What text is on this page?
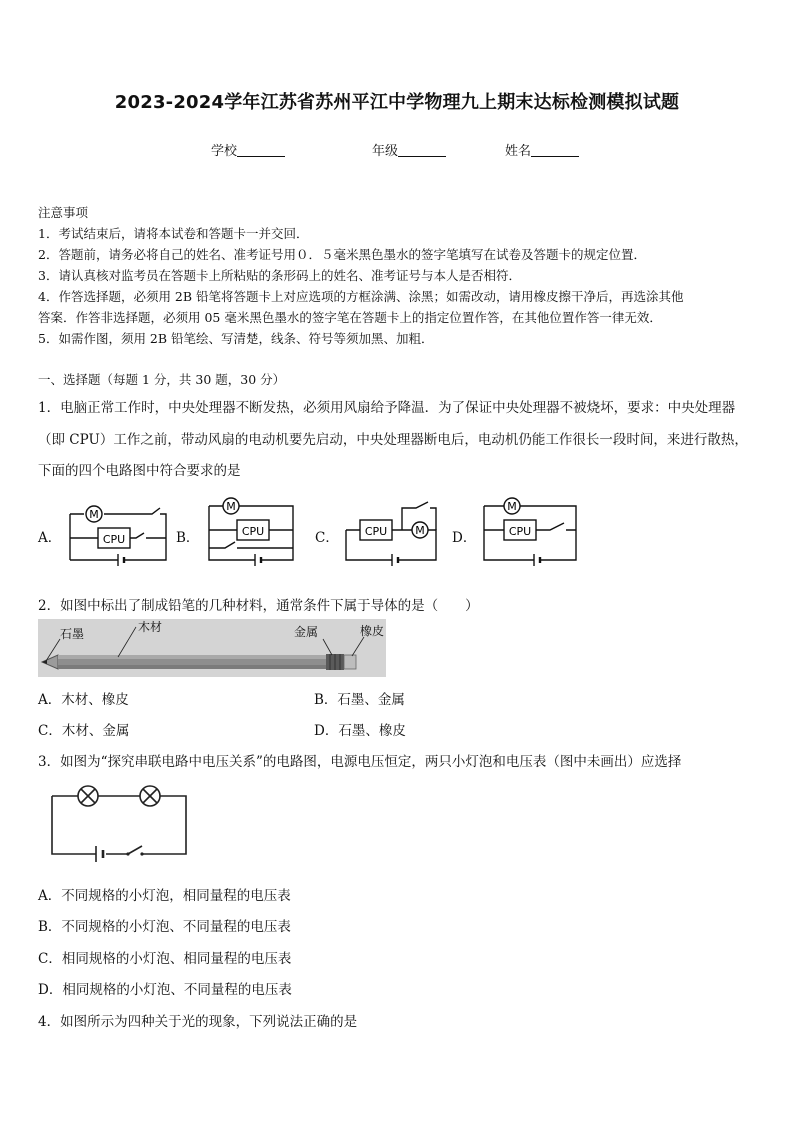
2023-2024学年江苏省苏州平江中学物理九上期末达标检测模拟试题
学校	年级	姓名
注意事项
1．考试结束后，请将本试卷和答题卡一并交回．
2．答题前，请务必将自己的姓名、准考证号用０．５毫米黑色墨水的签字笔填写在试卷及答题卡的规定位置．
3．请认真核对监考员在答题卡上所粘贴的条形码上的姓名、准考证号与本人是否相符．
4．作答选择题，必须用 2B 铅笔将答题卡上对应选项的方框涂满、涂黑；如需改动，请用橡皮擦干净后，再选涂其他
答案．作答非选择题，必须用 05 毫米黑色墨水的签字笔在答题卡上的指定位置作答，在其他位置作答一律无效．
5．如需作图，须用 2B 铅笔绘、写清楚，线条、符号等须加黑、加粗．
一、选择题（每题 1 分，共 30 题，30 分）
1．电脑正常工作时，中央处理器不断发热，必须用风扇给予降温．为了保证中央处理器不被烧坏，要求：中央处理器
（即 CPU）工作之前，带动风扇的电动机要先启动，中央处理器断电后，电动机仍能工作很长一段时间，来进行散热，
下面的四个电路图中符合要求的是
A．	B．	C．	D．
M
CPU
M
CPU	CPU	M
M
CPU
2．如图中标出了制成铅笔的几种材料，通常条件下属于导体的是（　　）
石墨	木材	金属	橡皮
A．木材、橡皮	B．石墨、金属
C．木材、金属	D．石墨、橡皮
3．如图为“探究串联电路中电压关系”的电路图，电源电压恒定，两只小灯泡和电压表（图中未画出）应选择
A．不同规格的小灯泡，相同量程的电压表
B．不同规格的小灯泡、不同量程的电压表
C．相同规格的小灯泡、相同量程的电压表
D．相同规格的小灯泡、不同量程的电压表
4．如图所示为四种关于光的现象，下列说法正确的是
